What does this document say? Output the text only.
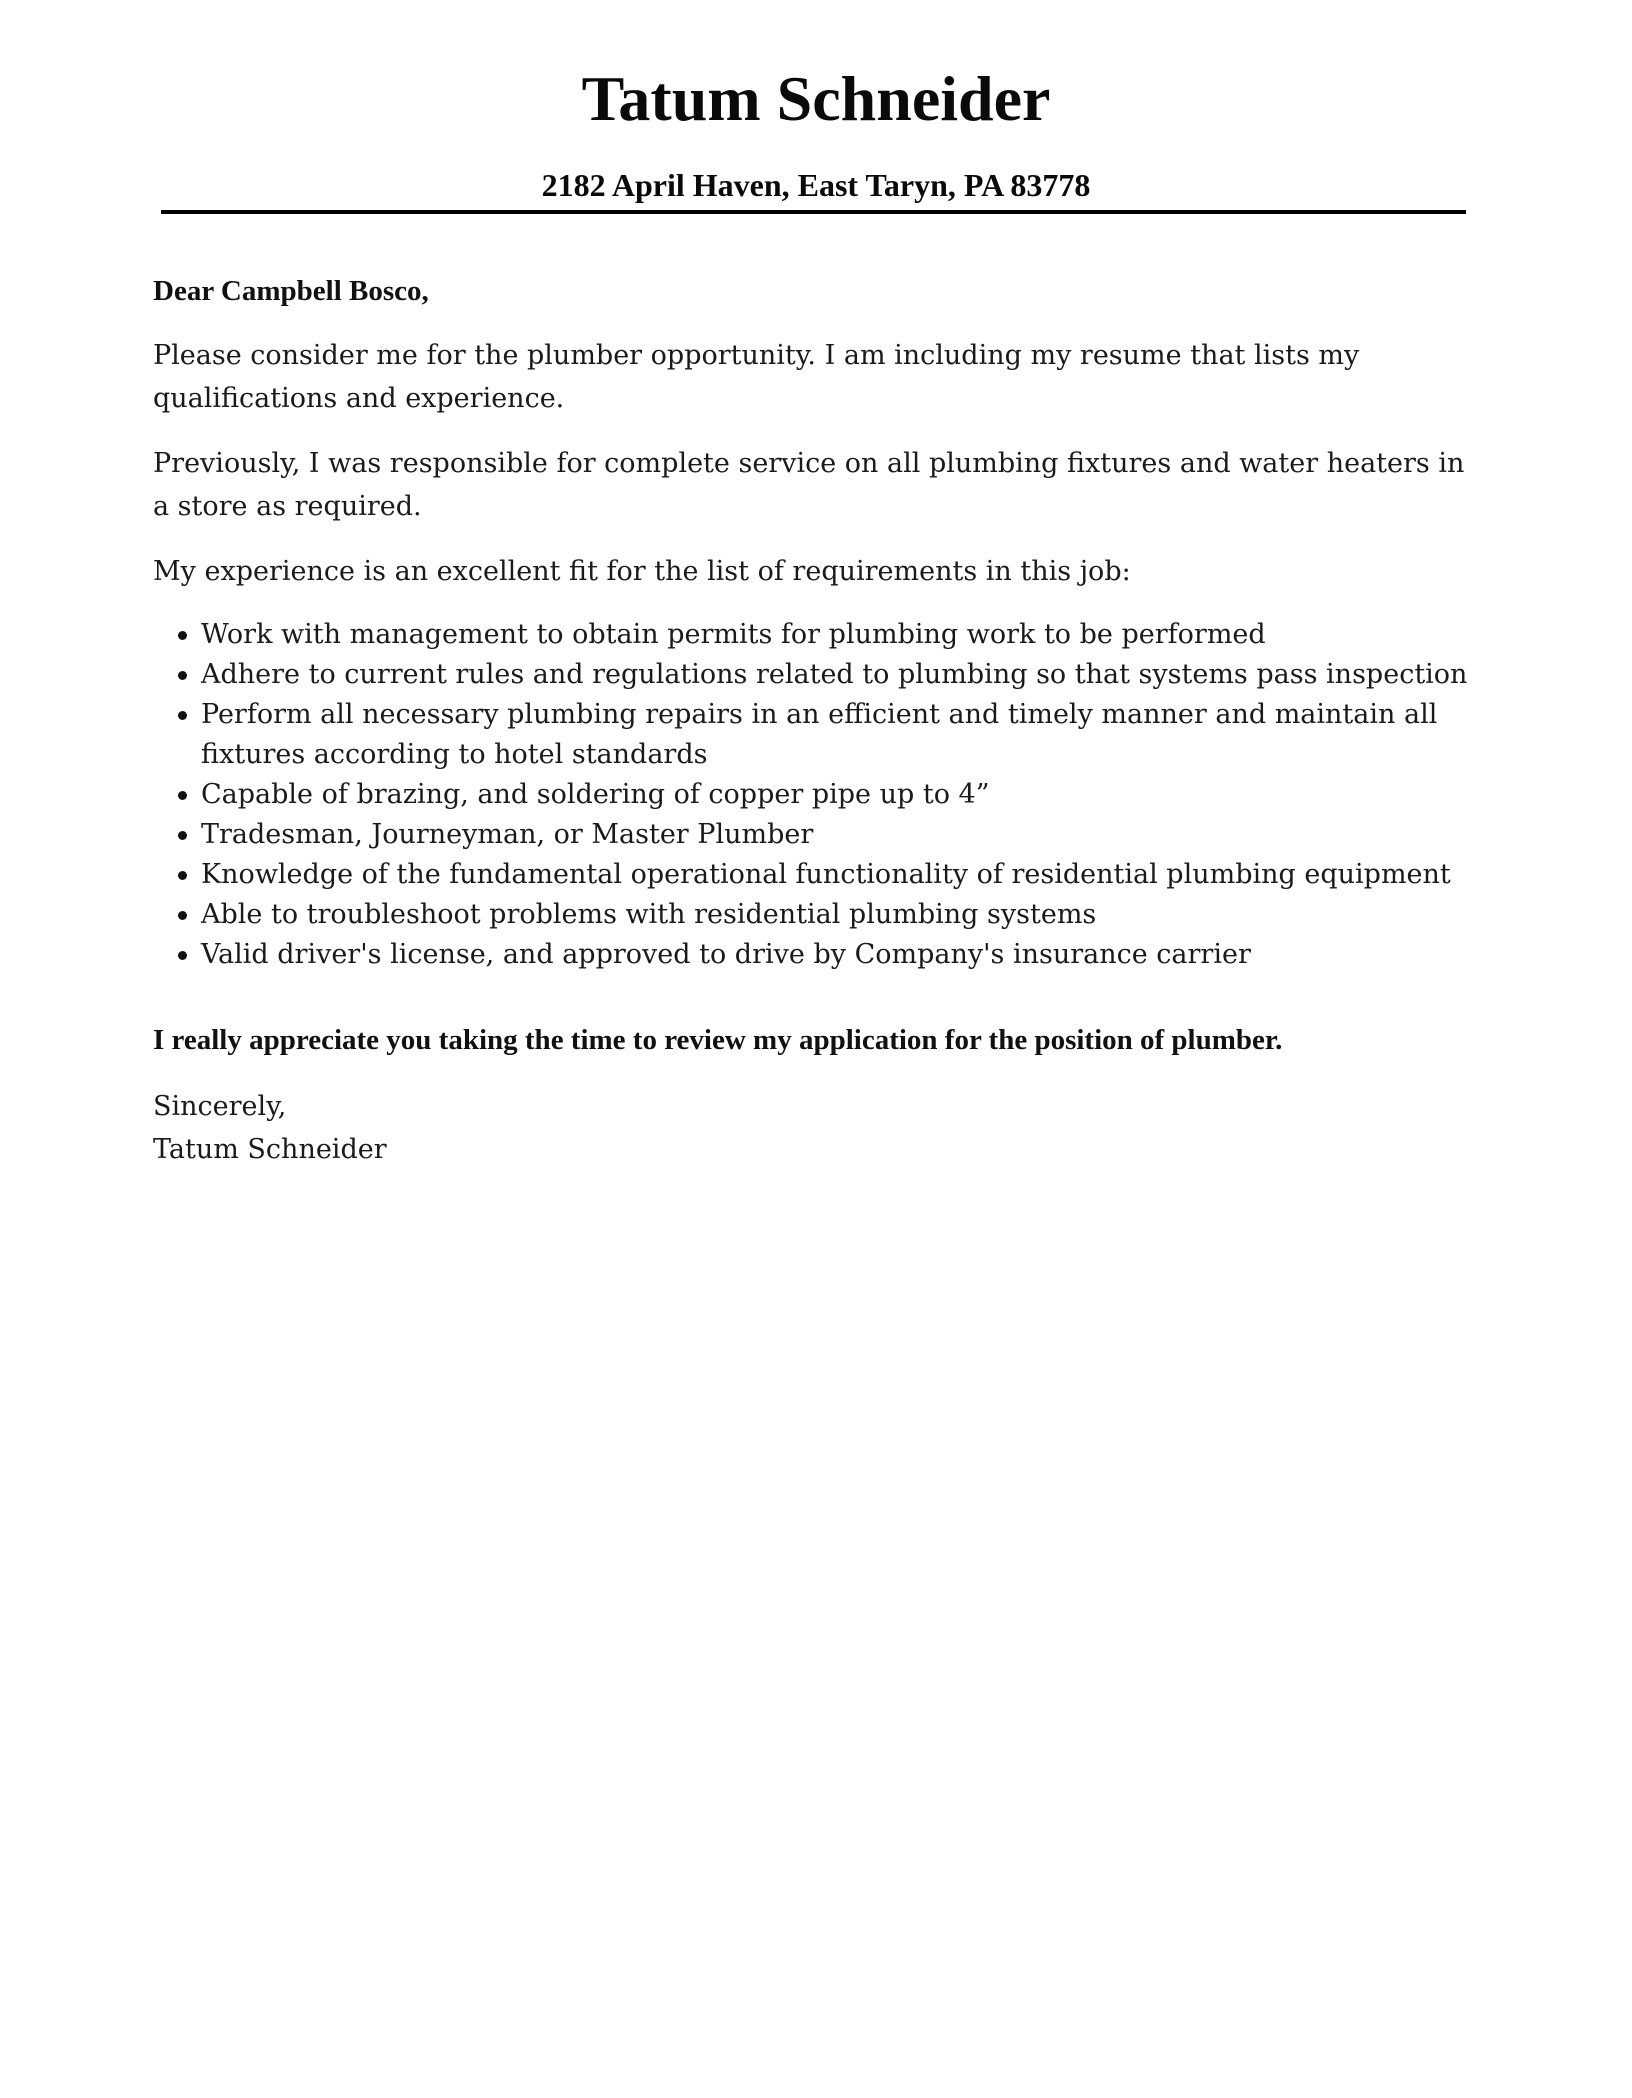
Tatum Schneider
2182 April Haven, East Taryn, PA 83778

Dear Campbell Bosco,

Please consider me for the plumber opportunity. I am including my resume that lists my qualifications and experience.

Previously, I was responsible for complete service on all plumbing fixtures and water heaters in a store as required.

My experience is an excellent fit for the list of requirements in this job:

Work with management to obtain permits for plumbing work to be performed
Adhere to current rules and regulations related to plumbing so that systems pass inspection
Perform all necessary plumbing repairs in an efficient and timely manner and maintain all fixtures according to hotel standards
Capable of brazing, and soldering of copper pipe up to 4”
Tradesman, Journeyman, or Master Plumber
Knowledge of the fundamental operational functionality of residential plumbing equipment
Able to troubleshoot problems with residential plumbing systems
Valid driver's license, and approved to drive by Company's insurance carrier

I really appreciate you taking the time to review my application for the position of plumber.

Sincerely,
Tatum Schneider
